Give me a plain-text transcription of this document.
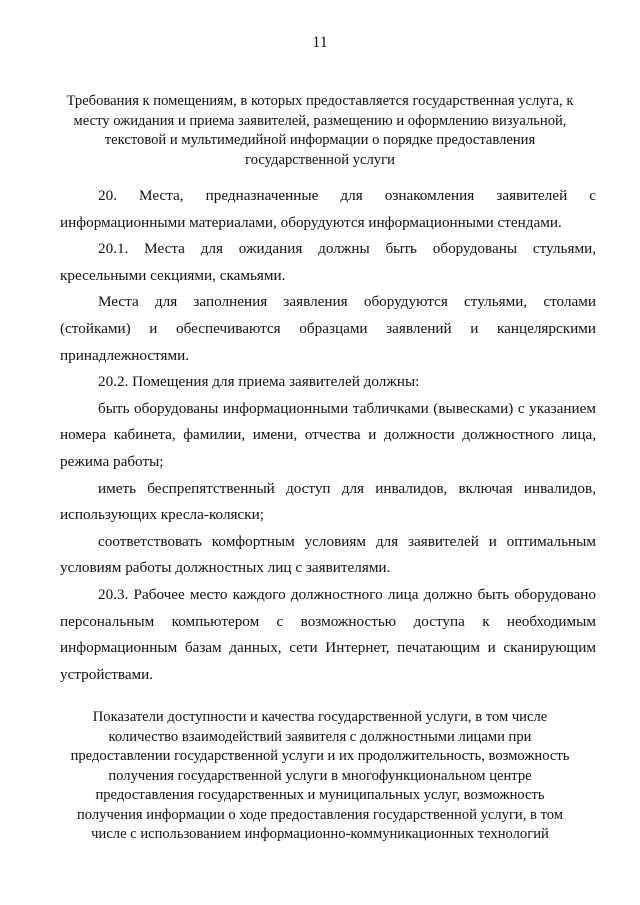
11
Требования к помещениям, в которых предоставляется государственная услуга, к
месту ожидания и приема заявителей, размещению и оформлению визуальной,
текстовой и мультимедийной информации о порядке предоставления
государственной услуги

20. Места, предназначенные для ознакомления заявителей с
информационными материалами, оборудуются информационными стендами.

20.1. Места для ожидания должны быть оборудованы стульями,
кресельными секциями, скамьями.

Места для заполнения заявления оборудуются стульями, столами
(стойками) и обеспечиваются образцами заявлений и канцелярскими
принадлежностями.

20.2. Помещения для приема заявителей должны:

быть оборудованы информационными табличками (вывесками) с указанием
номера кабинета, фамилии, имени, отчества и должности должностного лица,
режима работы;

иметь беспрепятственный доступ для инвалидов, включая инвалидов,
использующих кресла-коляски;

соответствовать комфортным условиям для заявителей и оптимальным
условиям работы должностных лиц с заявителями.

20.3. Рабочее место каждого должностного лица должно быть оборудовано
персональным компьютером с возможностью доступа к необходимым
информационным базам данных, сети Интернет, печатающим и сканирующим
устройствами.

Показатели доступности и качества государственной услуги, в том числе
количество взаимодействий заявителя с должностными лицами при
предоставлении государственной услуги и их продолжительность, возможность
получения государственной услуги в многофункциональном центре
предоставления государственных и муниципальных услуг, возможность
получения информации о ходе предоставления государственной услуги, в том
числе с использованием информационно-коммуникационных технологий
